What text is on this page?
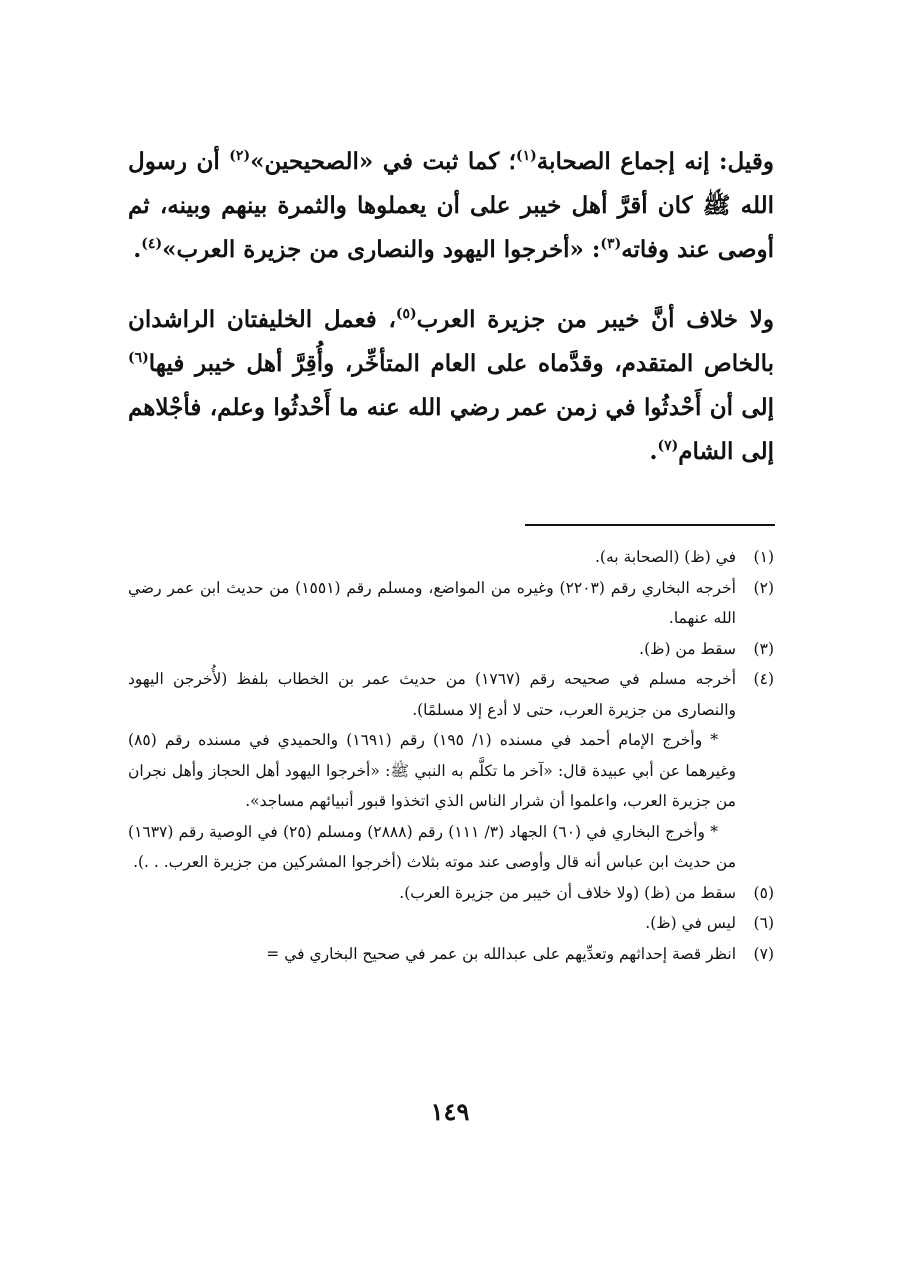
وقيل: إنه إجماع الصحابة$^{(١)}$؛ كما ثبت في «الصحيحين»$^{(٢)}$ أن رسول الله ﷺ كان أقرَّ أهل خيبر على أن يعملوها والثمرة بينهم وبينه، ثم أوصى عند وفاته$^{(٣)}$: «أخرجوا اليهود والنصارى من جزيرة العرب»$^{(٤)}$.

ولا خلاف أنَّ خيبر من جزيرة العرب$^{(٥)}$، فعمل الخليفتان الراشدان بالخاص المتقدم، وقدَّماه على العام المتأخِّر، وأُقِرَّ أهل خيبر فيها$^{(٦)}$ إلى أن أَحْدثُوا في زمن عمر رضي الله عنه ما أَحْدثُوا وعلم، فأجْلاهم إلى الشام$^{(٧)}$.

(١)
في (ظ) (الصحابة به).
(٢)
أخرجه البخاري رقم (٢٢٠٣) وغيره من المواضع، ومسلم رقم (١٥٥١) من حديث ابن عمر رضي الله عنهما.
(٣)
سقط من (ظ).
(٤)
أخرجه مسلم في صحيحه رقم (١٧٦٧) من حديث عمر بن الخطاب بلفظ (لأُخرجن اليهود والنصارى من جزيرة العرب، حتى لا أدع إلا مسلمًا).
* وأخرج الإمام أحمد في مسنده (١/ ١٩٥) رقم (١٦٩١) والحميدي في مسنده رقم (٨٥) وغيرهما عن أبي عبيدة قال: «آخر ما تكلَّم به النبي ﷺ: «أخرجوا اليهود أهل الحجاز وأهل نجران من جزيرة العرب، واعلموا أن شرار الناس الذي اتخذوا قبور أنبيائهم مساجد».
* وأخرج البخاري في (٦٠) الجهاد (٣/ ١١١) رقم (٢٨٨٨) ومسلم (٢٥) في الوصية رقم (١٦٣٧) من حديث ابن عباس أنه قال وأوصى عند موته بثلاث (أخرجوا المشركين من جزيرة العرب. . .).
(٥)
سقط من (ظ) (ولا خلاف أن خيبر من جزيرة العرب).
(٦)
ليس في (ظ).
(٧)
انظر قصة إحداثهم وتعدِّيهم على عبدالله بن عمر في صحيح البخاري في =
١٤٩
